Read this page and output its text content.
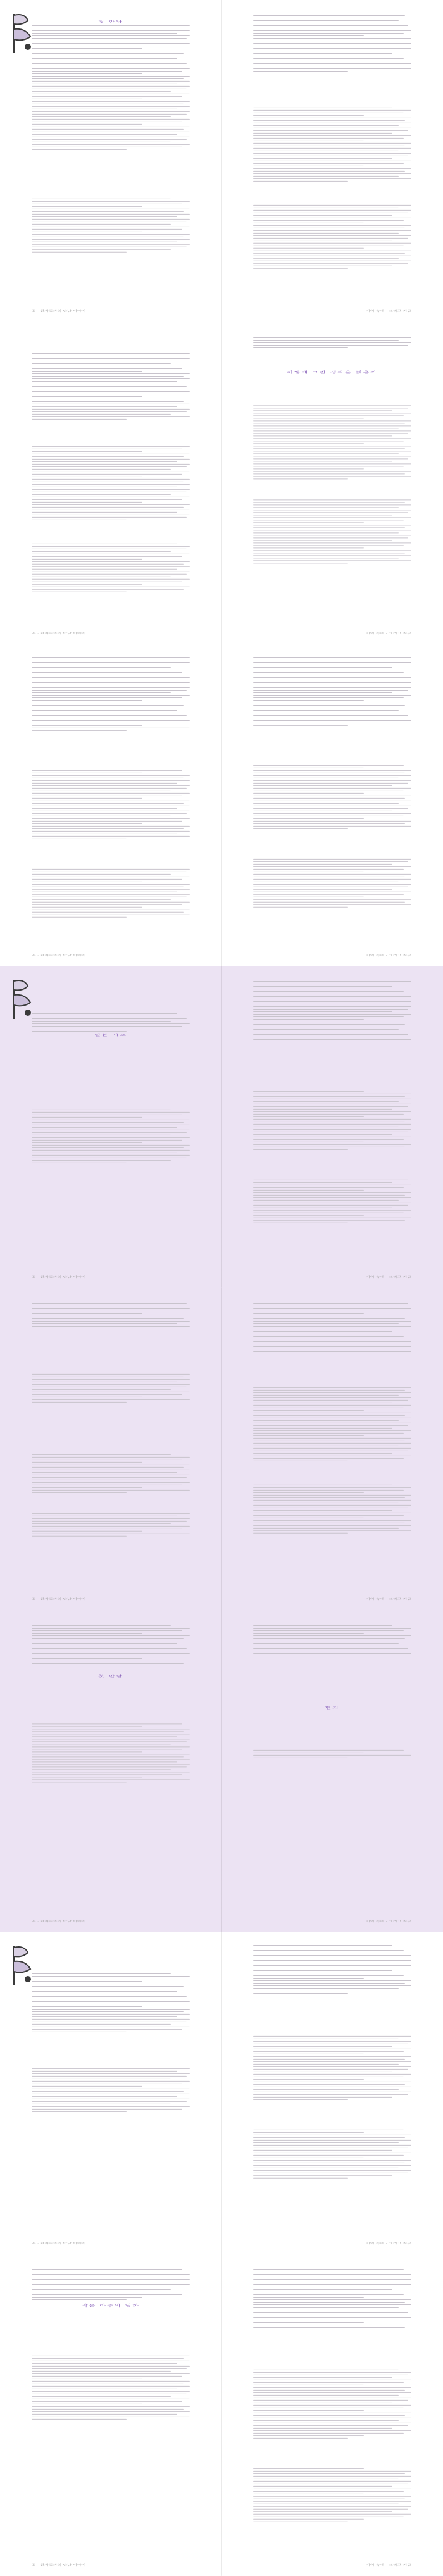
첫 만남
끝 · 환자들과의 만남 이야기	기억 속에 · 그리고 지금
끝 · 환자들과의 만남 이야기
어떻게 그런 생각을 했을까
기억 속에 · 그리고 지금
끝 · 환자들과의 만남 이야기	기억 속에 · 그리고 지금
일본 시오
끝 · 환자들과의 만남 이야기	기억 속에 · 그리고 지금
끝 · 환자들과의 만남 이야기	기억 속에 · 그리고 지금
첫 만남
끝 · 환자들과의 만남 이야기
편지
기억 속에 · 그리고 지금
끝 · 환자들과의 만남 이야기	기억 속에 · 그리고 지금
작은 아주의 영화
끝 · 환자들과의 만남 이야기	기억 속에 · 그리고 지금
